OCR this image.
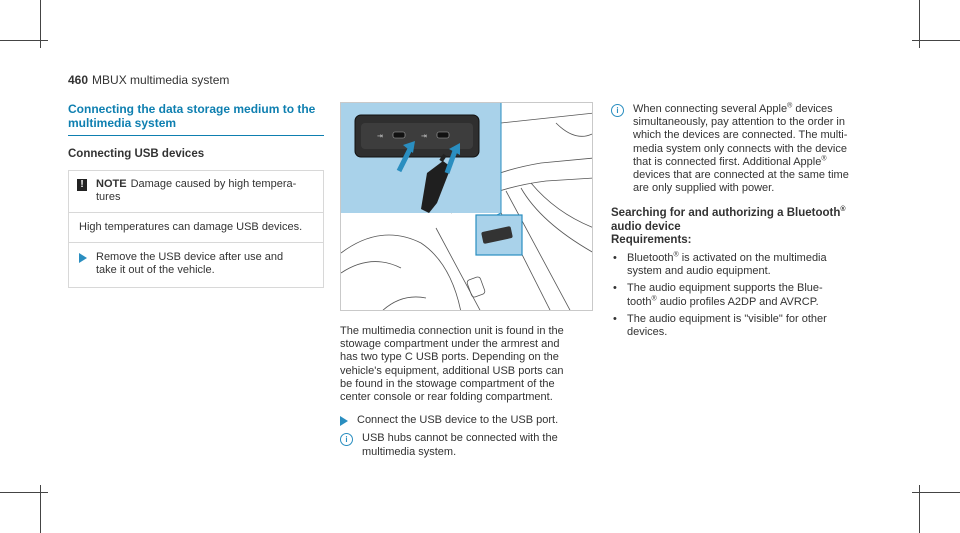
460 MBUX multimedia system
Connecting the data storage medium to the
multimedia system
Connecting USB devices
!	NOTE Damage caused by high tempera-
tures
High temperatures can damage USB devices.
Remove the USB device after use and
take it out of the vehicle.
⇥	⇥
The multimedia connection unit is found in the
stowage compartment under the armrest and
has two type C USB ports. Depending on the
vehicle's equipment, additional USB ports can
be found in the stowage compartment of the
center console or rear folding compartment.
Connect the USB device to the USB port.
i	USB hubs cannot be connected with the
multimedia system.
i	When connecting several Apple® devices
simultaneously, pay attention to the order in
which the devices are connected. The multi-
media system only connects with the device
that is connected first. Additional Apple®
devices that are connected at the same time
are only supplied with power.
Searching for and authorizing a Bluetooth®
audio device
Requirements:
• Bluetooth® is activated on the multimedia
system and audio equipment.
• The audio equipment supports the Blue-
tooth® audio profiles A2DP and AVRCP.
• The audio equipment is "visible" for other
devices.
